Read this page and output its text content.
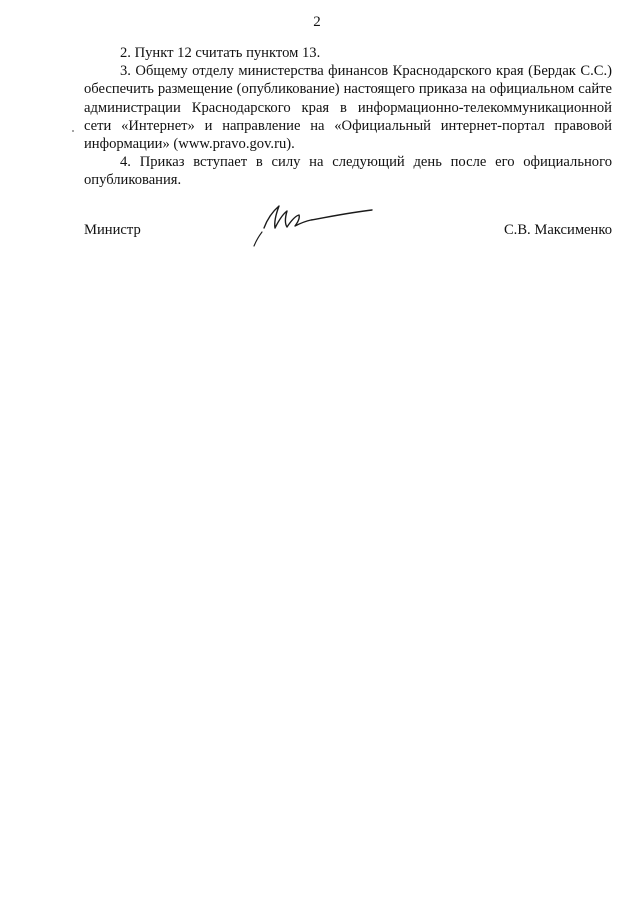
2

2. Пункт 12 считать пунктом 13.

3. Общему отделу министерства финансов Краснодарского края (Бердак С.С.) обеспечить размещение (опубликование) настоящего приказа на официальном сайте администрации Краснодарского края в информационно-телекоммуникационной сети «Интернет» и направление на «Официальный интернет-портал правовой информации» (www.pravo.gov.ru).

4. Приказ вступает в силу на следующий день после его официального опубликования.

Министр	С.В. Максименко
